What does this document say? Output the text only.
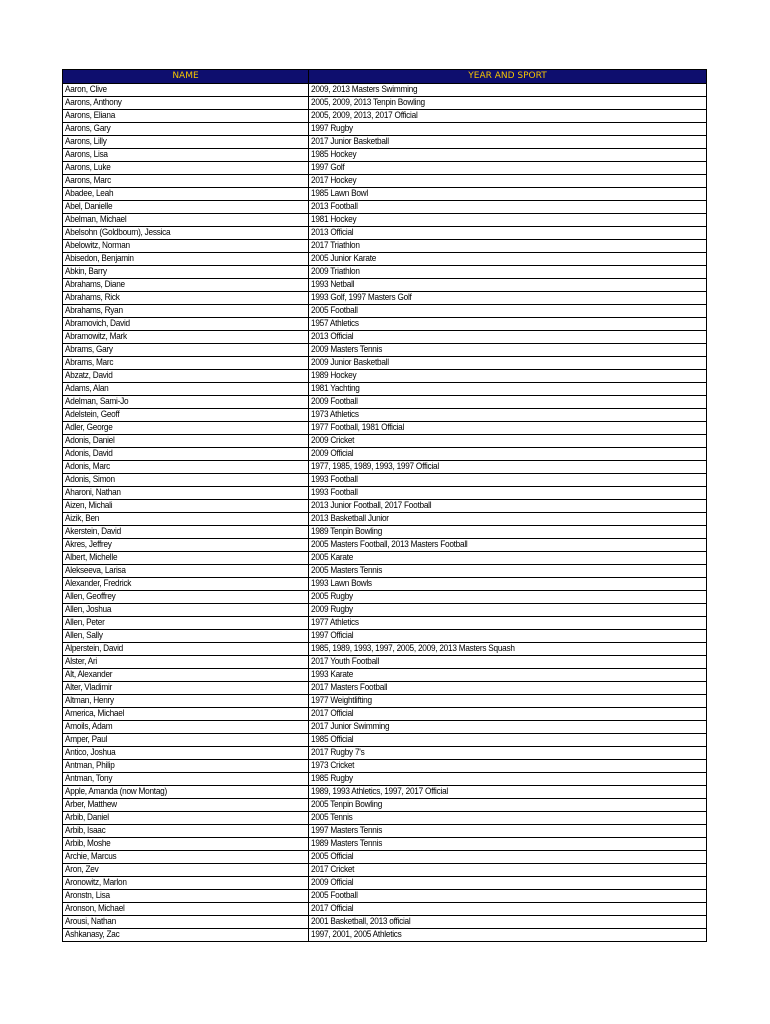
NAME	YEAR AND SPORT
Aaron, Clive	2009, 2013 Masters Swimming
Aarons, Anthony	2005, 2009, 2013 Tenpin Bowling
Aarons, Eliana	2005, 2009, 2013, 2017 Official
Aarons, Gary	1997 Rugby
Aarons, Lilly	2017 Junior Basketball
Aarons, Lisa	1985 Hockey
Aarons, Luke	1997 Golf
Aarons, Marc	2017 Hockey
Abadee, Leah	1985 Lawn Bowl
Abel, Danielle	2013 Football
Abelman, Michael	1981 Hockey
Abelsohn (Goldbourn), Jessica	2013 Official
Abelowitz, Norman	2017 Triathlon
Abisedon, Benjamin	2005 Junior Karate
Abkin, Barry	2009 Triathlon
Abrahams, Diane	1993 Netball
Abrahams, Rick	1993 Golf, 1997 Masters Golf
Abrahams, Ryan	2005 Football
Abramovich, David	1957 Athletics
Abramowitz, Mark	2013 Official
Abrams, Gary	2009 Masters Tennis
Abrams, Marc	2009 Junior Basketball
Abzatz, David	1989 Hockey
Adams, Alan	1981 Yachting
Adelman, Sami-Jo	2009 Football
Adelstein, Geoff	1973 Athletics
Adler, George	1977 Football, 1981 Official
Adonis, Daniel	2009 Cricket
Adonis, David	2009 Official
Adonis, Marc	1977, 1985, 1989, 1993, 1997 Official
Adonis, Simon	1993 Football
Aharoni, Nathan	1993 Football
Aizen, Michali	2013 Junior Football, 2017 Football
Aizik, Ben	2013 Basketball Junior
Akerstein, David	1989 Tenpin Bowling
Akres, Jeffrey	2005 Masters Football, 2013 Masters Football
Albert, Michelle	2005 Karate
Alekseeva, Larisa	2005 Masters Tennis
Alexander, Fredrick	1993 Lawn Bowls
Allen, Geoffrey	2005 Rugby
Allen, Joshua	2009 Rugby
Allen, Peter	1977 Athletics
Allen, Sally	1997 Official
Alperstein, David	1985, 1989, 1993, 1997, 2005, 2009, 2013 Masters Squash
Alster, Ari	2017 Youth Football
Alt, Alexander	1993 Karate
Alter, Vladimir	2017 Masters Football
Altman, Henry	1977 Weightlifting
America, Michael	2017 Official
Amoils, Adam	2017 Junior Swimming
Amper, Paul	1985 Official
Antico, Joshua	2017 Rugby 7's
Antman, Philip	1973 Cricket
Antman, Tony	1985 Rugby
Apple, Amanda (now Montag)	1989, 1993 Athletics, 1997, 2017 Official
Arber, Matthew	2005 Tenpin Bowling
Arbib, Daniel	2005 Tennis
Arbib, Isaac	1997 Masters Tennis
Arbib, Moshe	1989 Masters Tennis
Archie, Marcus	2005 Official
Aron, Zev	2017 Cricket
Aronowitz, Marlon	2009 Official
Aronstn, Lisa	2005 Football
Aronson, Michael	2017 Official
Arousi, Nathan	2001 Basketball, 2013 official
Ashkanasy, Zac	1997, 2001, 2005 Athletics
